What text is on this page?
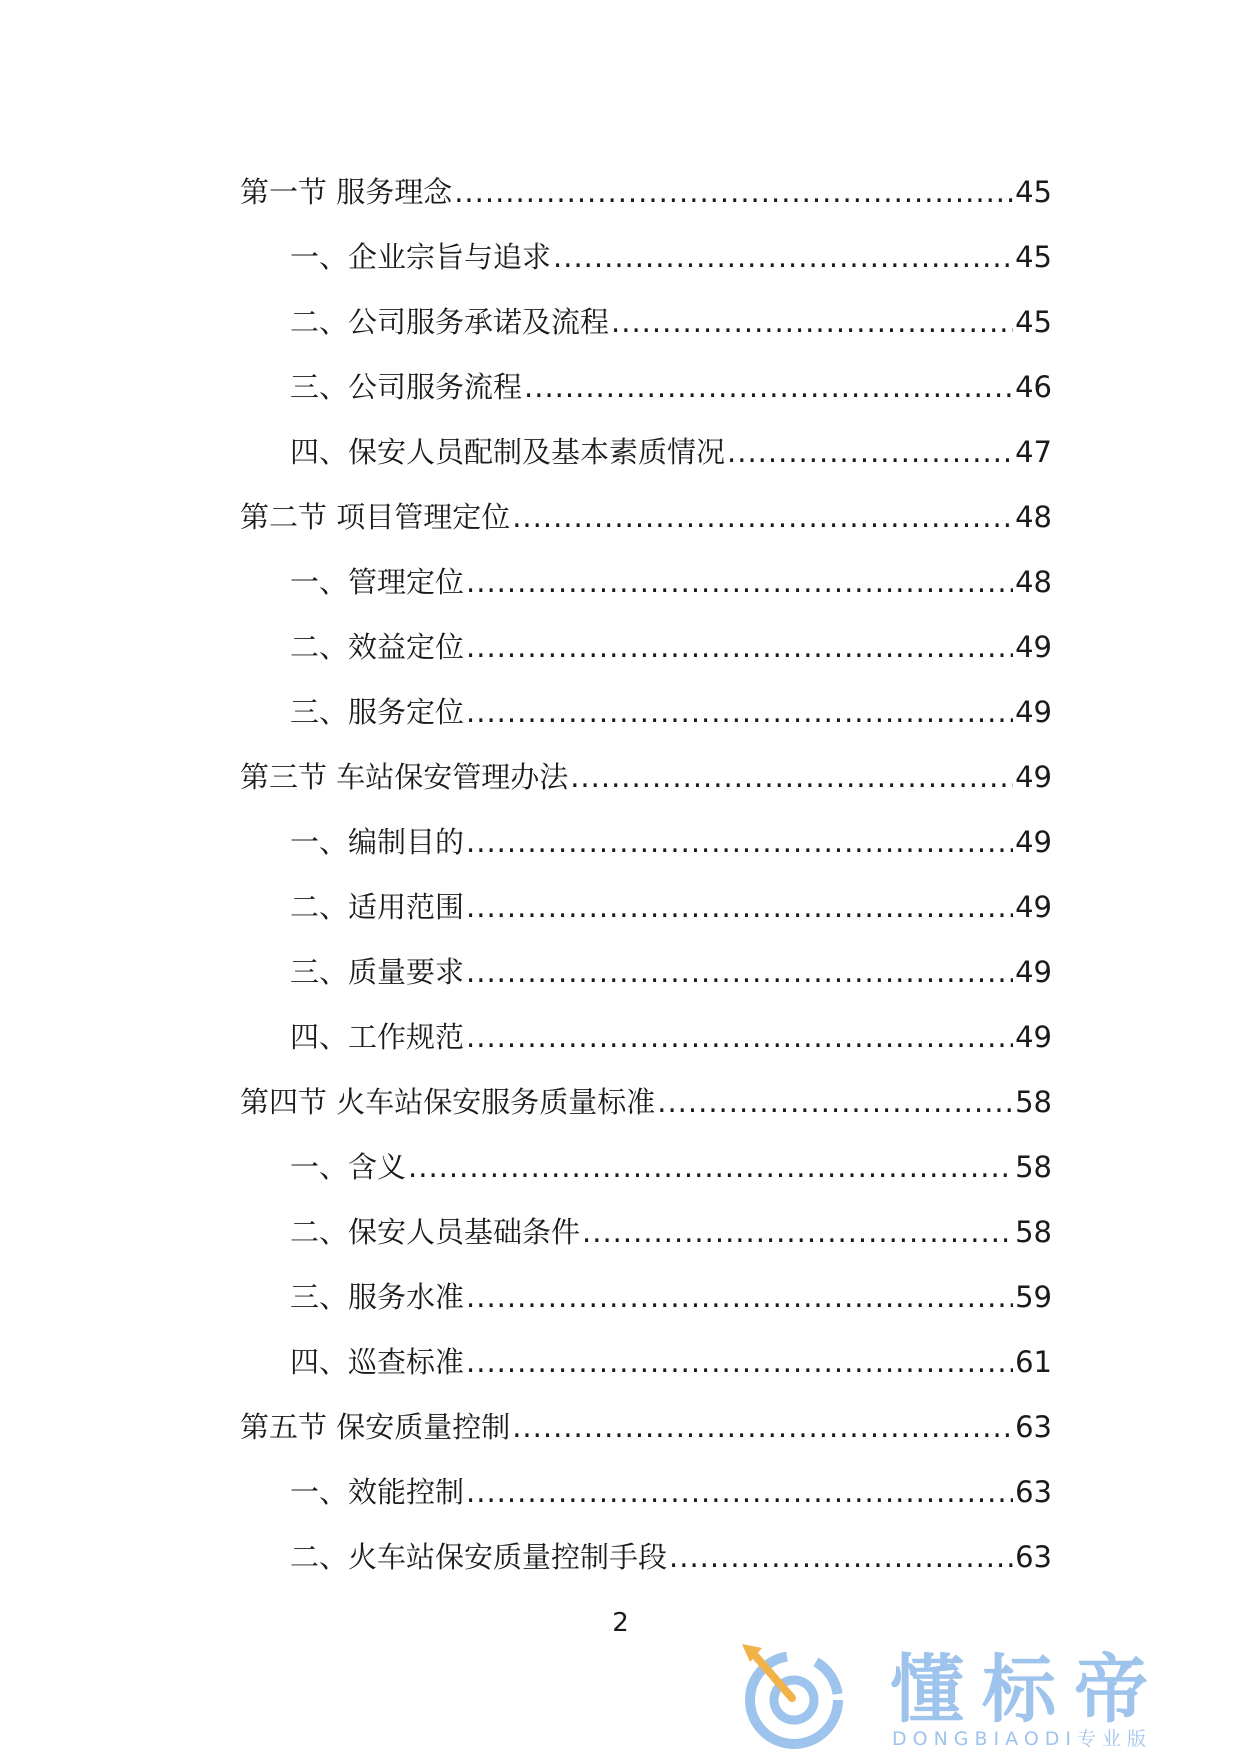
第一节 服务理念 .....	45
一、企业宗旨与追求 .....	45
二、公司服务承诺及流程 .....	45
三、公司服务流程 .....	46
四、保安人员配制及基本素质情况 .....	47
第二节 项目管理定位 .....	48
一、管理定位 .....	48
二、效益定位 .....	49
三、服务定位 .....	49
第三节 车站保安管理办法 .....	49
一、编制目的 .....	49
二、适用范围 .....	49
三、质量要求 .....	49
四、工作规范 .....	49
第四节 火车站保安服务质量标准 .....	58
一、含义 .....	58
二、保安人员基础条件 .....	58
三、服务水准 .....	59
四、巡查标准 .....	61
第五节 保安质量控制 .....	63
一、效能控制 .....	63
二、火车站保安质量控制手段 .....	63
2
懂标帝
DONGBIAODI专业版
